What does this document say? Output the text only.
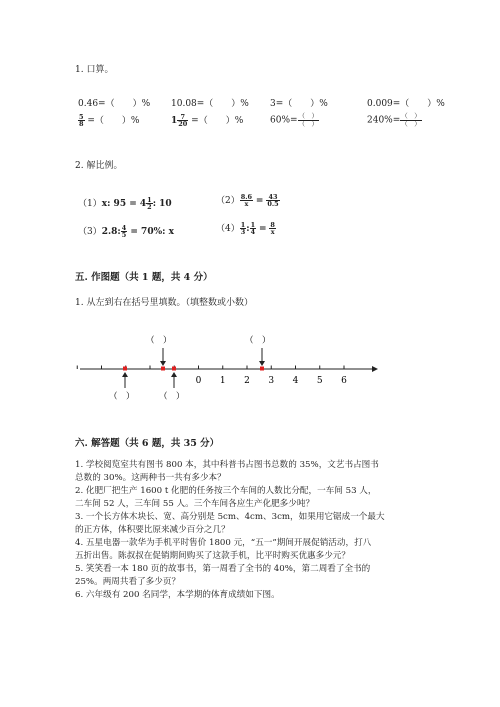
1. 口算。
0.46=（　　）% 10.08=（　　）% 3=（　　）%	0.009=（　　）%
$\frac{5}{8}$ =（　　）%	$1 \frac{7}{20}$ =（　　）%	$60\%= \frac{( )}{( )}$	$240\%= \frac{( )}{( )}$
2. 解比例。
（1）x: $95 = 4 \frac{1}{2}$ : 10	$(2) \frac{8.6}{x} = \frac{43}{0.5}$
（3）2.8: $\frac{4}{5} = 70\%$: x	$(4) \frac{1}{3}$ : $\frac{1}{4} = \frac{8}{x}$
五. 作图题（共 1 题，共 4 分）
1. 从左到右在括号里填数。（填整数或小数）
（　）	（　）
0 1 2 3 4 5 6
（　）	（　）
六. 解答题（共 6 题，共 35 分）
1. 学校阅览室共有图书 800 本，其中科普书占图书总数的 35%，文艺书占图书
总数的 30%。这两种书一共有多少本？
2. 化肥厂把生产 1600 t 化肥的任务按三个车间的人数比分配，一车间 53 人，
二车间 52 人，三车间 55 人。三个车间各应生产化肥多少吨？
3. 一个长方体木块长、宽、高分别是 5cm、4cm、3cm，如果用它锯成一个最大
的正方体，体积要比原来减少百分之几？
4. 五星电器一款华为手机平时售价 1800 元，“五一”期间开展促销活动，打八
五折出售。陈叔叔在促销期间购买了这款手机，比平时购买优惠多少元？
5. 笑笑看一本 180 页的故事书，第一周看了全书的 40%，第二周看了全书的
25%。两周共看了多少页？
6. 六年级有 200 名同学，本学期的体育成绩如下图。
